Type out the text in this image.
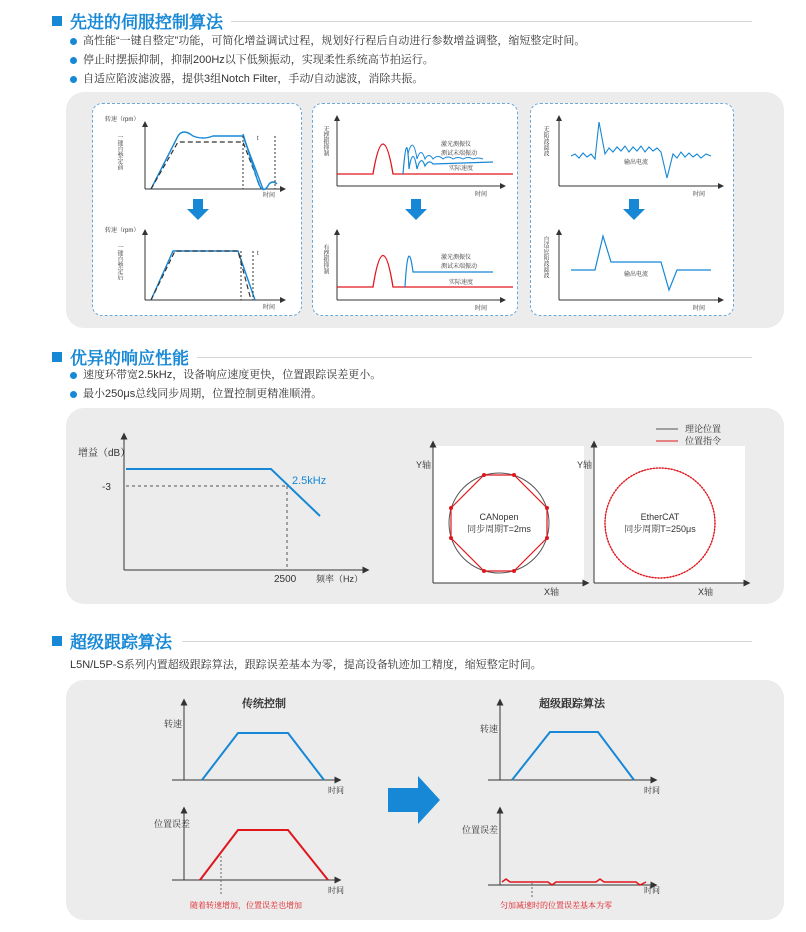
先进的伺服控制算法
高性能“一键自整定”功能，可简化增益调试过程，规划好行程后自动进行参数增益调整，缩短整定时间。
停止时摆振抑制，抑制200Hz以下低频振动，实现柔性系统高节拍运行。
自适应陷波滤波器，提供3组Notch Filter，手动/自动滤波，消除共振。
转速（rpm）
一键自整定前	t
时间
转速（rpm）
一键自整定后	t
时间
无摆振抑制	激光测振仪
测试末端振动
实际速度
时间
有摆振抑制	激光测振仪
测试末端振动
实际速度
时间
无陷波滤波
输出电流
时间
自适应陷波滤波	输出电流
时间
优异的响应性能
速度环带宽2.5kHz，设备响应速度更快，位置跟踪误差更小。
最小250μs总线同步周期，位置控制更精准顺滑。
增益（dB）
-3
2.5kHz
2500 频率（Hz）
理论位置
位置指令
Y轴
X轴
CANopen
同步周期T=2ms
Y轴
X轴
EtherCAT
同步周期T=250μs
超级跟踪算法
L5N/L5P-S系列内置超级跟踪算法，跟踪误差基本为零，提高设备轨迹加工精度，缩短整定时间。
传统控制
转速
时间
位置误差
时间
随着转速增加，位置误差也增加
超级跟踪算法
转速
时间
位置误差
时间
匀加减速时的位置误差基本为零
